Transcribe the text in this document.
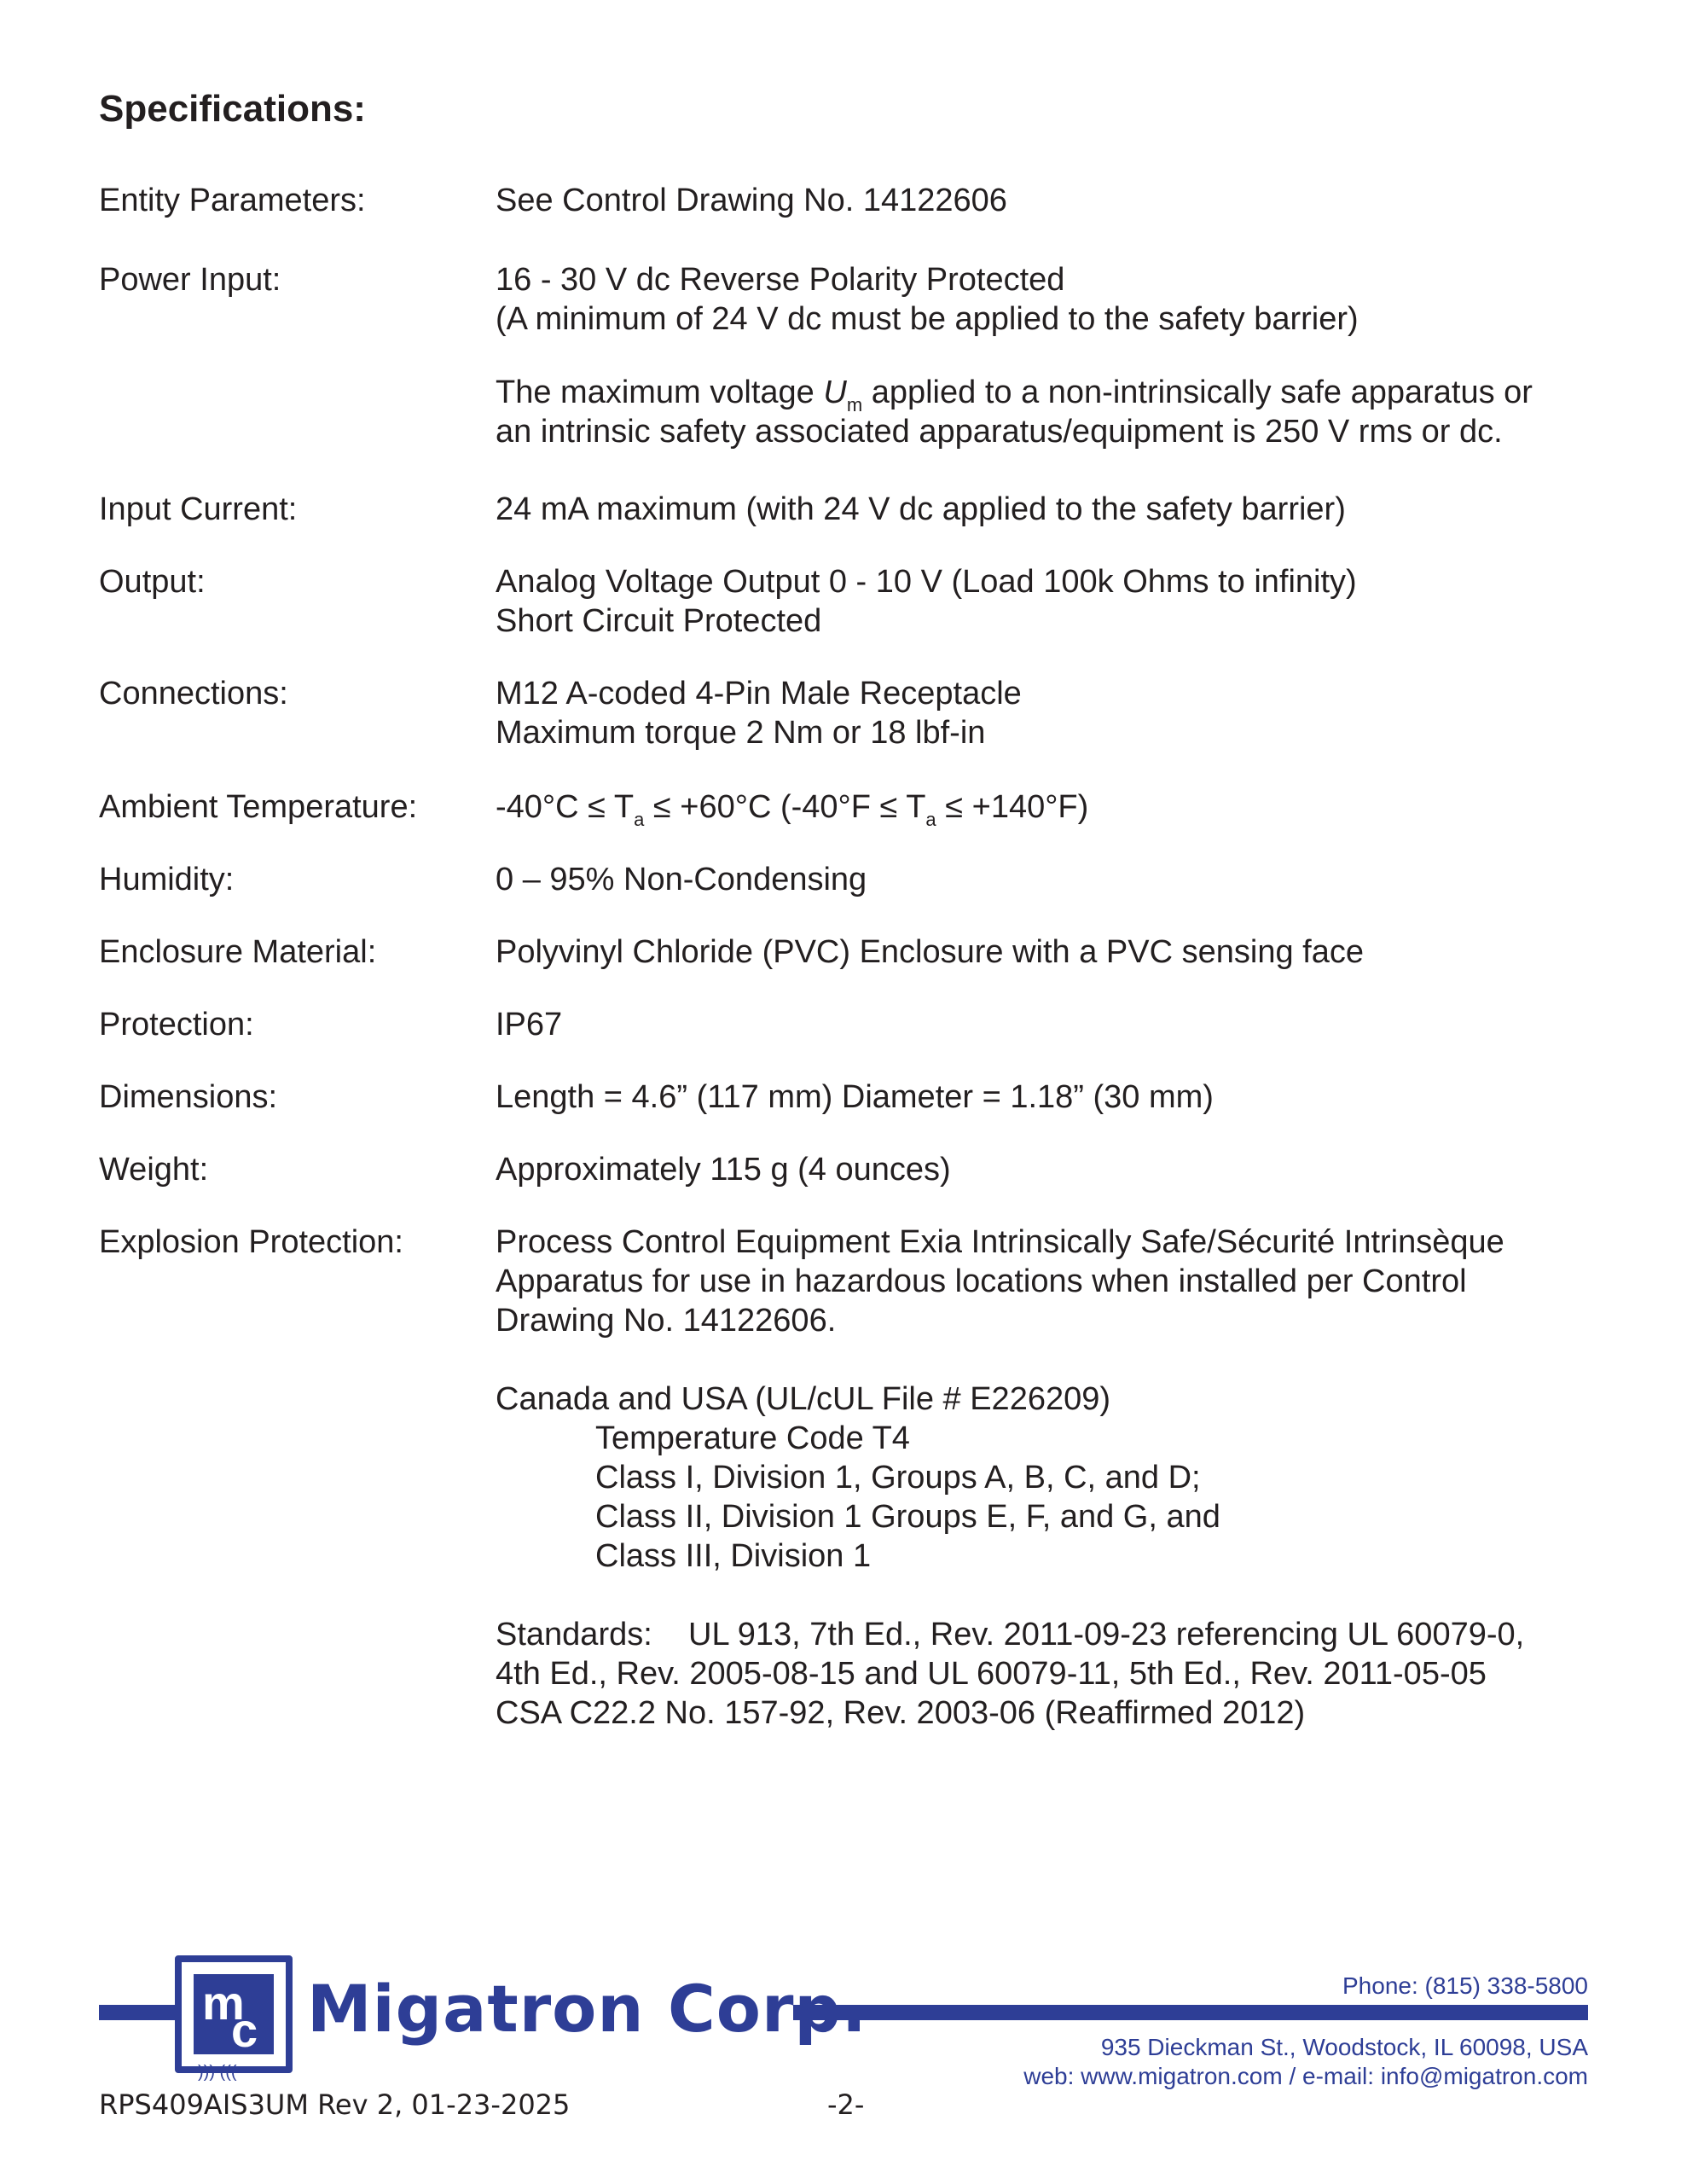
Specifications:
Entity Parameters:	See Control Drawing No. 14122606
Power Input:	16 - 30 V dc Reverse Polarity Protected
(A minimum of 24 V dc must be applied to the safety barrier)
The maximum voltage $U_m$ applied to a non-intrinsically safe apparatus or
an intrinsic safety associated apparatus/equipment is 250 V rms or dc.
Input Current:	24 mA maximum (with 24 V dc applied to the safety barrier)
Output:	Analog Voltage Output 0 - 10 V (Load 100k Ohms to infinity)
Short Circuit Protected
Connections:	M12 A-coded 4-Pin Male Receptacle
Maximum torque 2 Nm or 18 lbf-in
Ambient Temperature: $-40^\circ C \le T_a \le +60^\circ C$ $(-40^\circ F \le T_a \le +140^\circ F)$
Humidity:	0 – 95% Non-Condensing
Enclosure Material:	Polyvinyl Chloride (PVC) Enclosure with a PVC sensing face
Protection:	IP67
Dimensions:	Length = 4.6” (117 mm) Diameter = 1.18” (30 mm)
Weight:	Approximately 115 g (4 ounces)
Explosion Protection:	Process Control Equipment Exia Intrinsically Safe/Sécurité Intrinsèque
Apparatus for use in hazardous locations when installed per Control
Drawing No. 14122606.
Canada and USA (UL/cUL File # E226209)
Temperature Code T4
Class I, Division 1, Groups A, B, C, and D;
Class II, Division 1 Groups E, F, and G, and
Class III, Division 1
Standards:    UL 913, 7th Ed., Rev. 2011-09-23 referencing UL 60079-0,
4th Ed., Rev. 2005-08-15 and UL 60079-11, 5th Ed., Rev. 2011-05-05
CSA C22.2 No. 157-92, Rev. 2003-06 (Reaffirmed 2012)
m
c
))) (((
Migatron Corp.	Phone: (815) 338-5800
935 Dieckman St., Woodstock, IL 60098, USA
web: www.migatron.com / e-mail: info@migatron.com
RPS409AIS3UM Rev 2, 01-23-2025	-2-
